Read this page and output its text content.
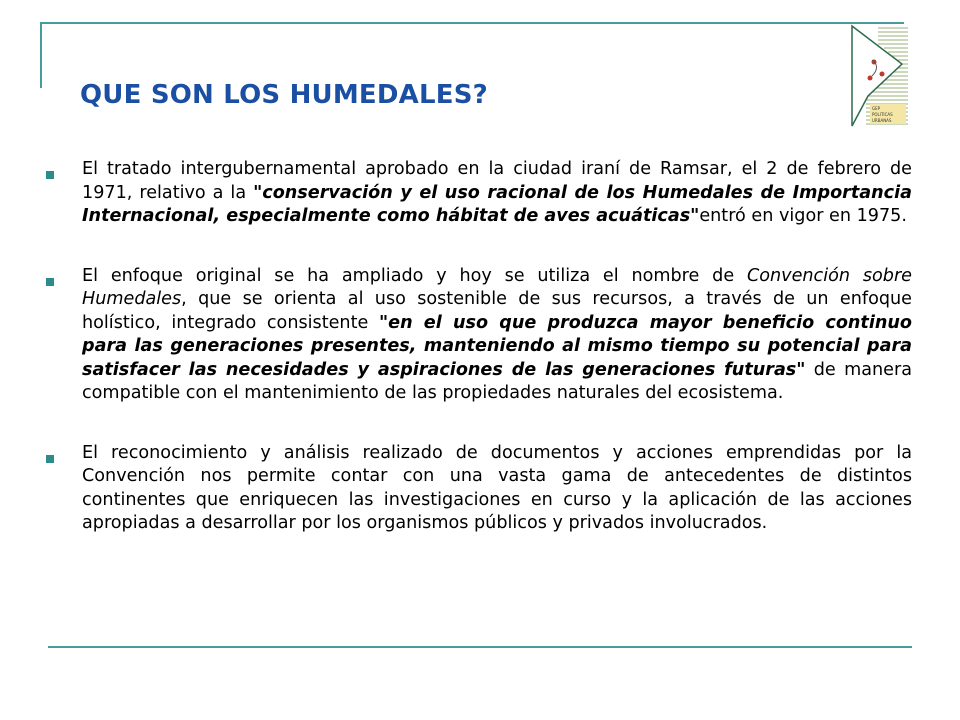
GEP
POLITICAS
URBANAS
QUE SON LOS HUMEDALES?
El tratado intergubernamental aprobado en la ciudad iraní de Ramsar, el 2 de febrero de 1971, relativo a la "conservación y el uso racional de los Humedales de Importancia Internacional, especialmente como hábitat de aves acuáticas"entró en vigor en 1975.
El enfoque original se ha ampliado y hoy se utiliza el nombre de Convención sobre Humedales, que se orienta al uso sostenible de sus recursos, a través de un enfoque holístico, integrado consistente "en el uso que produzca mayor beneficio continuo para las generaciones presentes, manteniendo al mismo tiempo su potencial para satisfacer las necesidades y aspiraciones de las generaciones futuras" de manera compatible con el mantenimiento de las propiedades naturales del ecosistema.
El reconocimiento y análisis realizado de documentos y acciones emprendidas por la Convención nos permite contar con una vasta gama de antecedentes de distintos continentes que enriquecen las investigaciones en curso y la aplicación de las acciones apropiadas a desarrollar por los organismos públicos y privados involucrados.
